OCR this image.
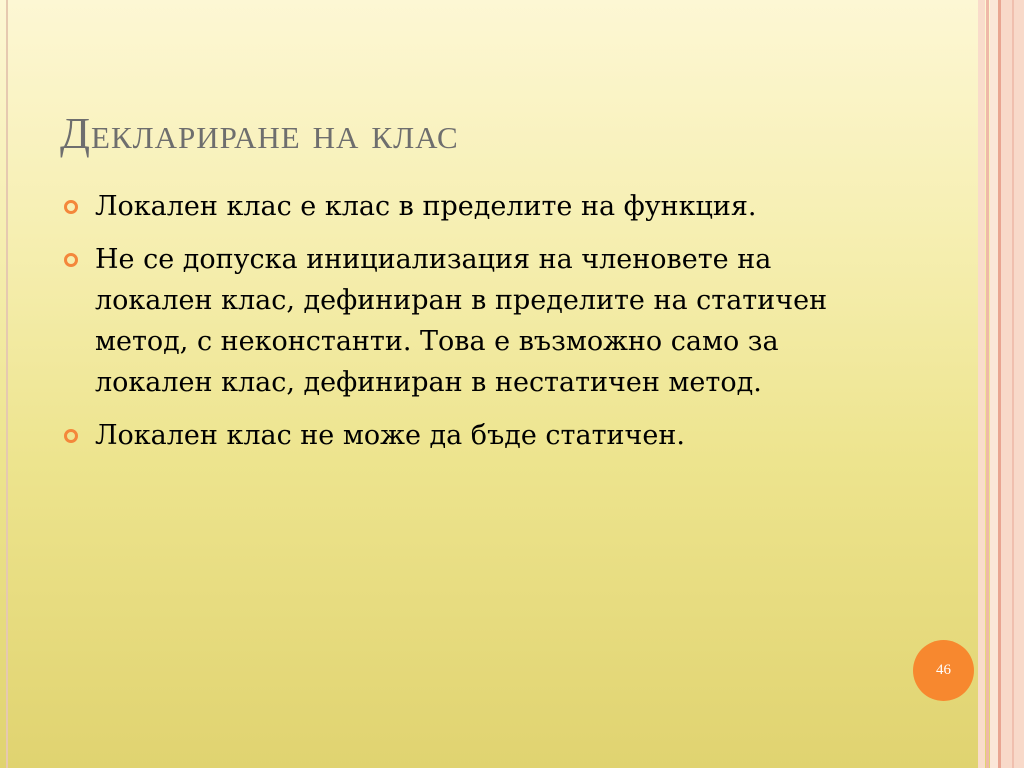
Деклариране на клас
Локален клас е клас в пределите на функция.
Не се допуска инициализация на членовете на локален клас, дефиниран в пределите на статичен метод, с неконстанти. Това е възможно само за локален клас, дефиниран в нестатичен метод.
Локален клас не може да бъде статичен.
46
